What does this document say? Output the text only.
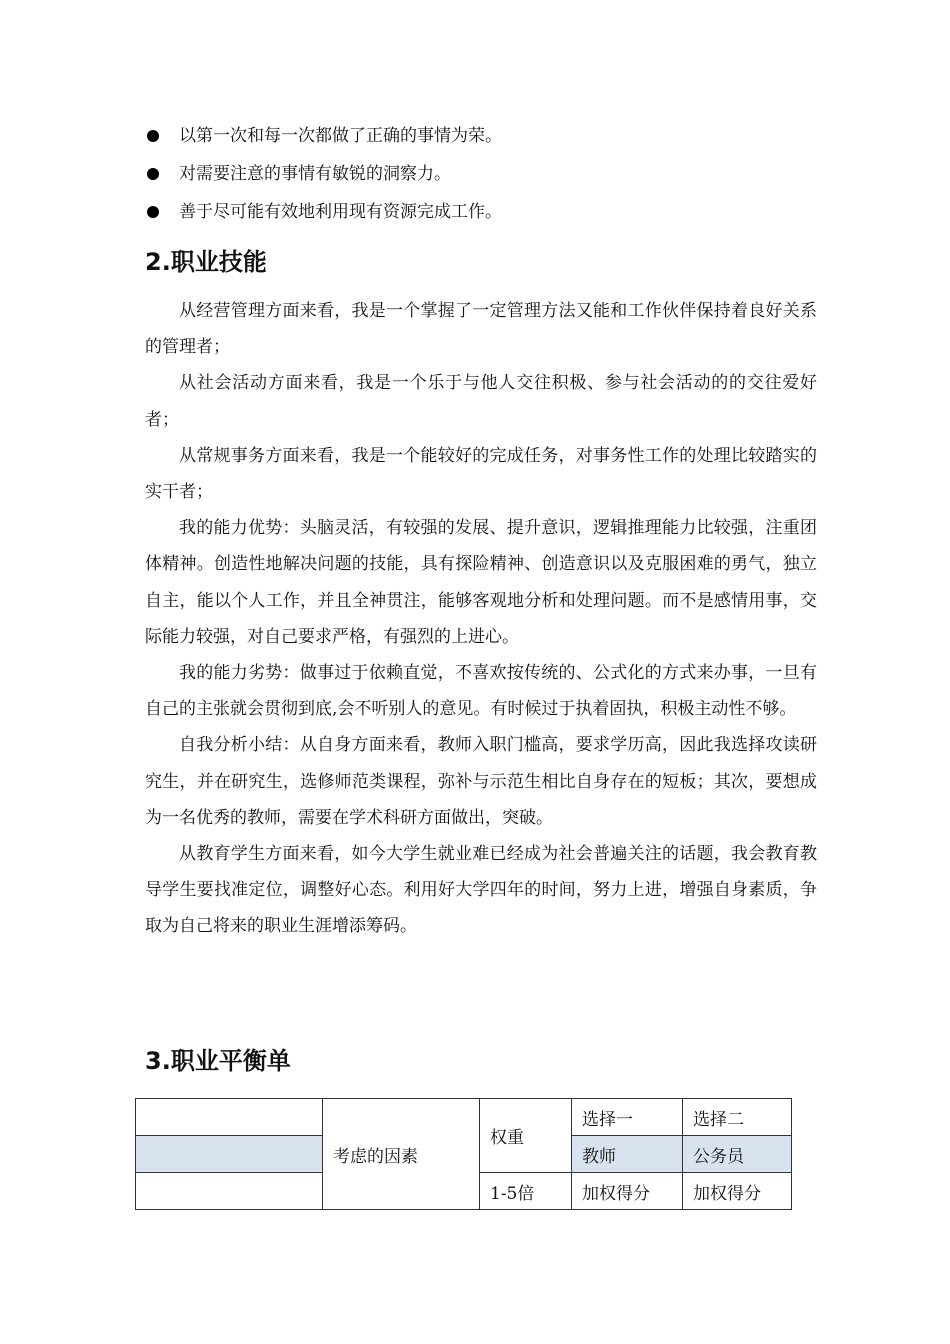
以第一次和每一次都做了正确的事情为荣。
对需要注意的事情有敏锐的洞察力。
善于尽可能有效地利用现有资源完成工作。
2.职业技能

从经营管理方面来看，我是一个掌握了一定管理方法又能和工作伙伴保持着良好关系的管理者；

从社会活动方面来看，我是一个乐于与他人交往积极、参与社会活动的的交往爱好者；

从常规事务方面来看，我是一个能较好的完成任务，对事务性工作的处理比较踏实的实干者；

我的能力优势：头脑灵活，有较强的发展、提升意识，逻辑推理能力比较强，注重团体精神。创造性地解决问题的技能，具有探险精神、创造意识以及克服困难的勇气，独立自主，能以个人工作，并且全神贯注，能够客观地分析和处理问题。而不是感情用事，交际能力较强，对自己要求严格，有强烈的上进心。

我的能力劣势：做事过于依赖直觉，不喜欢按传统的、公式化的方式来办事，一旦有自己的主张就会贯彻到底,会不听别人的意见。有时候过于执着固执，积极主动性不够。

自我分析小结：从自身方面来看，教师入职门槛高，要求学历高，因此我选择攻读研究生，并在研究生，选修师范类课程，弥补与示范生相比自身存在的短板；其次，要想成为一名优秀的教师，需要在学术科研方面做出，突破。

从教育学生方面来看，如今大学生就业难已经成为社会普遍关注的话题，我会教育教导学生要找准定位，调整好心态。利用好大学四年的时间，努力上进，增强自身素质，争取为自己将来的职业生涯增添筹码。

3.职业平衡单
	考虑的因素	权重	选择一	选择二
			教师	公务员
		1-5倍	加权得分	加权得分
